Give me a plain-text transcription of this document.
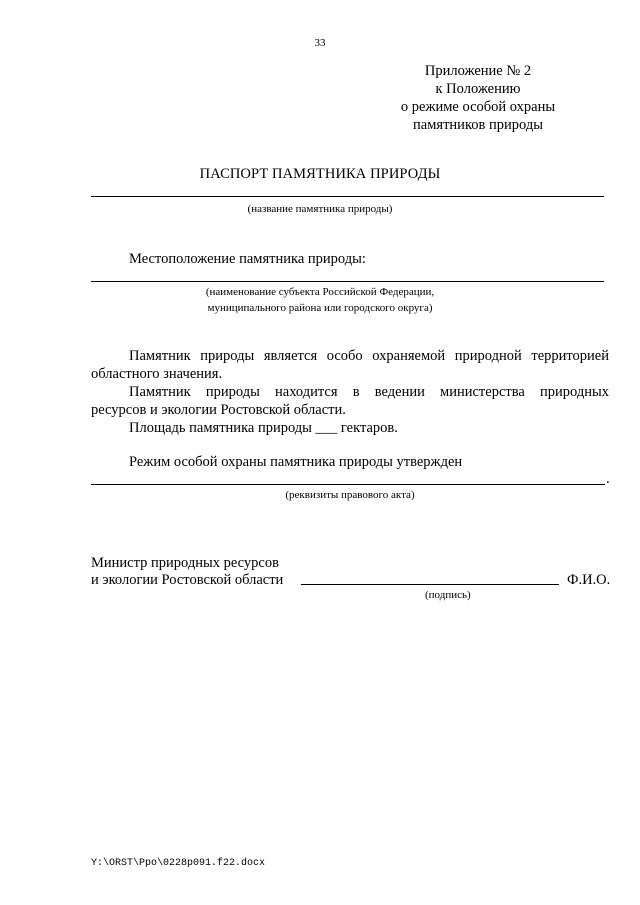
33
Приложение № 2
к Положению
о режиме особой охраны
памятников природы
ПАСПОРТ ПАМЯТНИКА ПРИРОДЫ
(название памятника природы)
Местоположение памятника природы:
(наименование субъекта Российской Федерации,
муниципального района или городского округа)
Памятник природы является особо охраняемой природной территорией
областного значения.
Памятник природы находится в ведении министерства природных
ресурсов и экологии Ростовской области.
Площадь памятника природы ___ гектаров.
Режим особой охраны памятника природы утвержден
.
(реквизиты правового акта)
Министр природных ресурсов
и экологии Ростовской области	Ф.И.О.
(подпись)
Y:\ORST\Ppo\0228p091.f22.docx
